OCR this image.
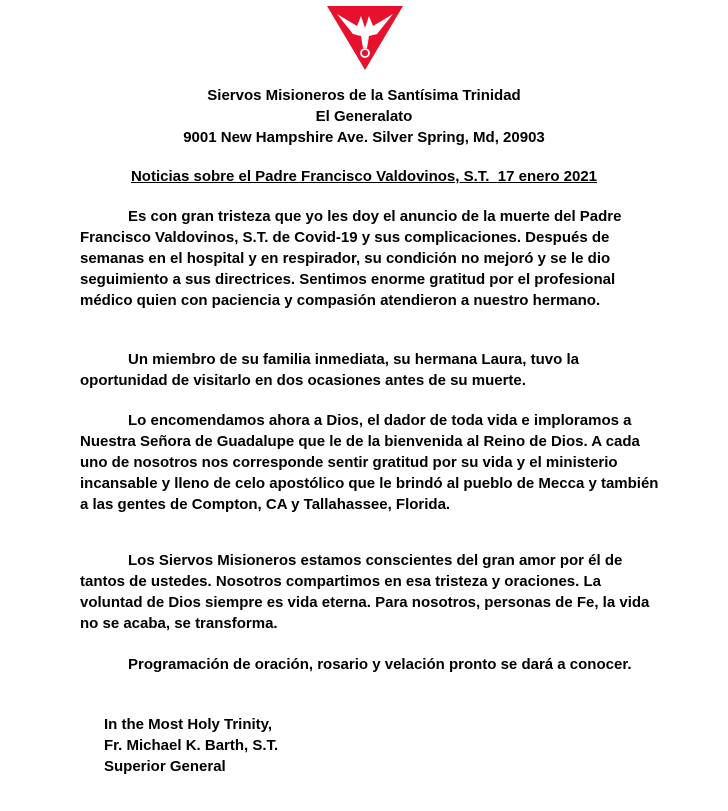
Siervos Misioneros de la Santísima Trinidad
El Generalato
9001 New Hampshire Ave. Silver Spring, Md, 20903
Noticias sobre el Padre Francisco Valdovinos, S.T. 17 enero 2021

Es con gran tristeza que yo les doy el anuncio de la muerte del Padre Francisco Valdovinos, S.T. de Covid-19 y sus complicaciones. Después de semanas en el hospital y en respirador, su condición no mejoró y se le dio seguimiento a sus directrices. Sentimos enorme gratitud por el profesional médico quien con paciencia y compasión atendieron a nuestro hermano.

Un miembro de su familia inmediata, su hermana Laura, tuvo la oportunidad de visitarlo en dos ocasiones antes de su muerte.

Lo encomendamos ahora a Dios, el dador de toda vida e imploramos a Nuestra Señora de Guadalupe que le de la bienvenida al Reino de Dios. A cada uno de nosotros nos corresponde sentir gratitud por su vida y el ministerio incansable y lleno de celo apostólico que le brindó al pueblo de Mecca y también a las gentes de Compton, CA y Tallahassee, Florida.

Los Siervos Misioneros estamos conscientes del gran amor por él de tantos de ustedes. Nosotros compartimos en esa tristeza y oraciones. La voluntad de Dios siempre es vida eterna. Para nosotros, personas de Fe, la vida no se acaba, se transforma.

Programación de oración, rosario y velación pronto se dará a conocer.

In the Most Holy Trinity,
Fr. Michael K. Barth, S.T.
Superior General
